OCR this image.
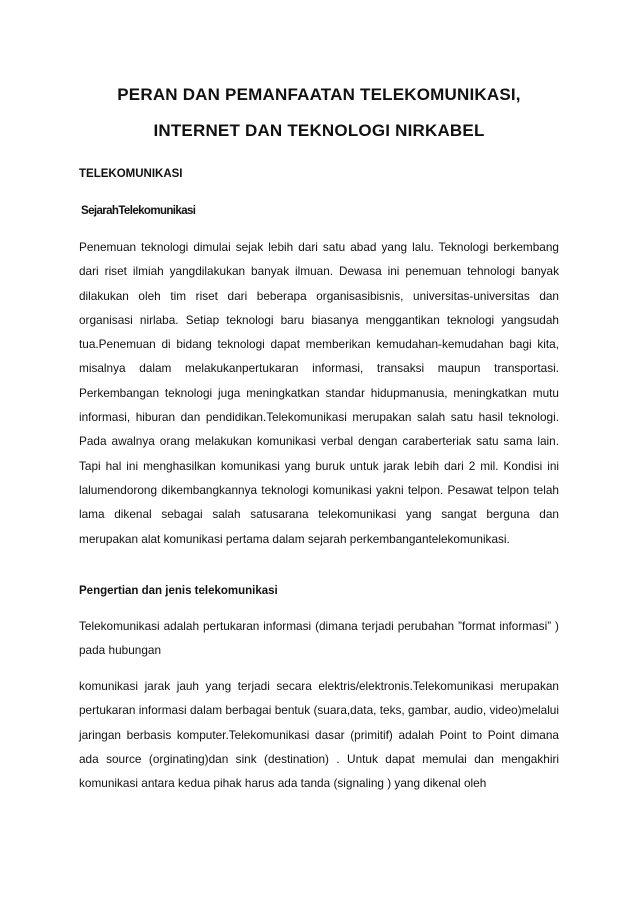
PERAN DAN PEMANFAATAN TELEKOMUNIKASI,
INTERNET DAN TEKNOLOGI NIRKABEL
TELEKOMUNIKASI
SejarahTelekomunikasi

Penemuan teknologi dimulai sejak lebih dari satu abad yang lalu. Teknologi berkembang dari riset ilmiah yangdilakukan banyak ilmuan. Dewasa ini penemuan tehnologi banyak dilakukan oleh tim riset dari beberapa organisasibisnis, universitas-universitas dan organisasi nirlaba. Setiap teknologi baru biasanya menggantikan teknologi yangsudah tua.Penemuan di bidang teknologi dapat memberikan kemudahan-kemudahan bagi kita, misalnya dalam melakukanpertukaran informasi, transaksi maupun transportasi. Perkembangan teknologi juga meningkatkan standar hidupmanusia, meningkatkan mutu informasi, hiburan dan pendidikan.Telekomunikasi merupakan salah satu hasil teknologi. Pada awalnya orang melakukan komunikasi verbal dengan caraberteriak satu sama lain. Tapi hal ini menghasilkan komunikasi yang buruk untuk jarak lebih dari 2 mil. Kondisi ini lalumendorong dikembangkannya teknologi komunikasi yakni telpon. Pesawat telpon telah lama dikenal sebagai salah satusarana telekomunikasi yang sangat berguna dan merupakan alat komunikasi pertama dalam sejarah perkembangantelekomunikasi.

Pengertian dan jenis telekomunikasi

Telekomunikasi adalah pertukaran informasi (dimana terjadi perubahan ”format informasi” ) pada hubungan

komunikasi jarak jauh yang terjadi secara elektris/elektronis.Telekomunikasi merupakan pertukaran informasi dalam berbagai bentuk (suara,data, teks, gambar, audio, video)melalui jaringan berbasis komputer.Telekomunikasi dasar (primitif) adalah Point to Point dimana ada source (orginating)dan sink (destination) . Untuk dapat memulai dan mengakhiri komunikasi antara kedua pihak harus ada tanda (signaling ) yang dikenal oleh
